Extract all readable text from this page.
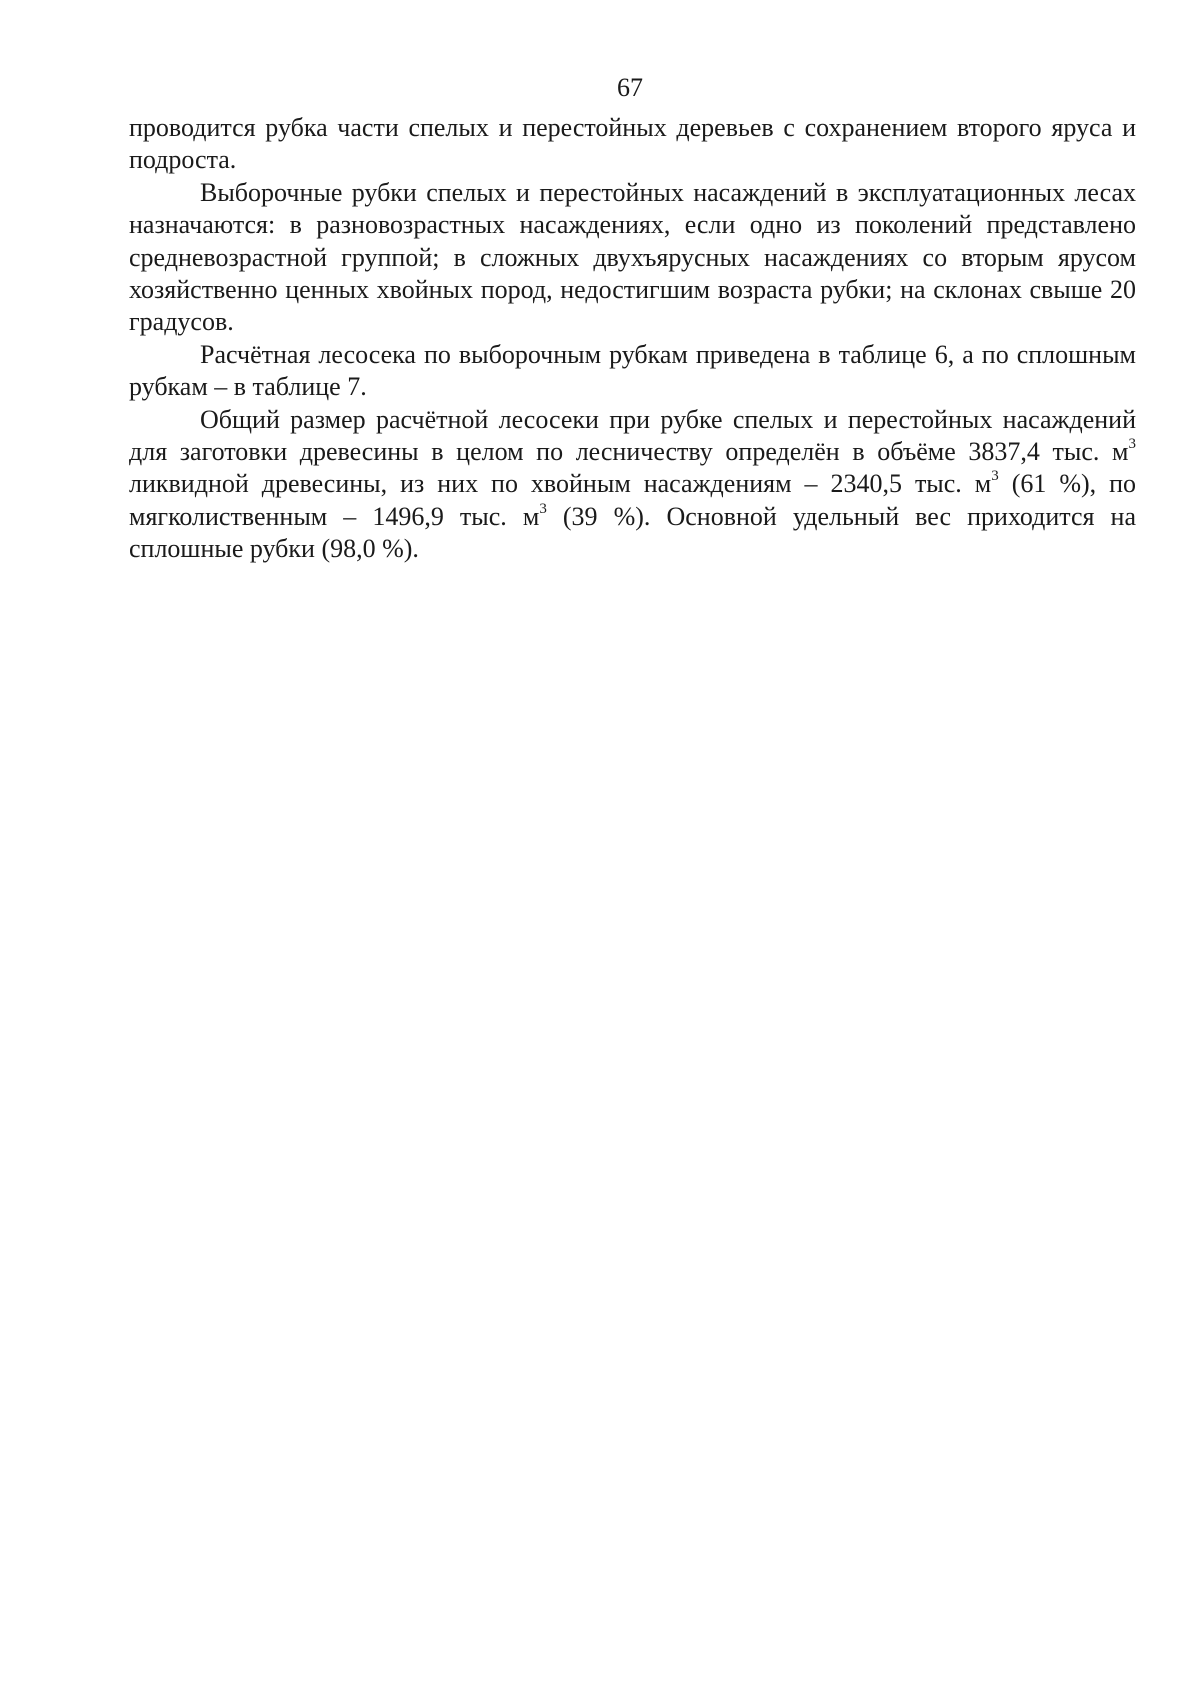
67

проводится рубка части спелых и перестойных деревьев с сохранением второго яруса и подроста.

Выборочные рубки спелых и перестойных насаждений в эксплуатационных лесах назначаются: в разновозрастных насаждениях, если одно из поколений представлено средневозрастной группой; в сложных двухъярусных насаждениях со вторым ярусом хозяйственно ценных хвойных пород, недостигшим возраста рубки; на склонах свыше 20 градусов.

Расчётная лесосека по выборочным рубкам приведена в таблице 6, а по сплошным рубкам – в таблице 7.

Общий размер расчётной лесосеки при рубке спелых и перестойных насаждений для заготовки древесины в целом по лесничеству определён в объёме 3837,4 тыс. $м^3$ ликвидной древесины, из них по хвойным насаждениям – 2340,5 тыс. $м^3$ (61 %), по мягколиственным – 1496,9 тыс. $м^3$ (39 %). Основной удельный вес приходится на сплошные рубки (98,0 %).
